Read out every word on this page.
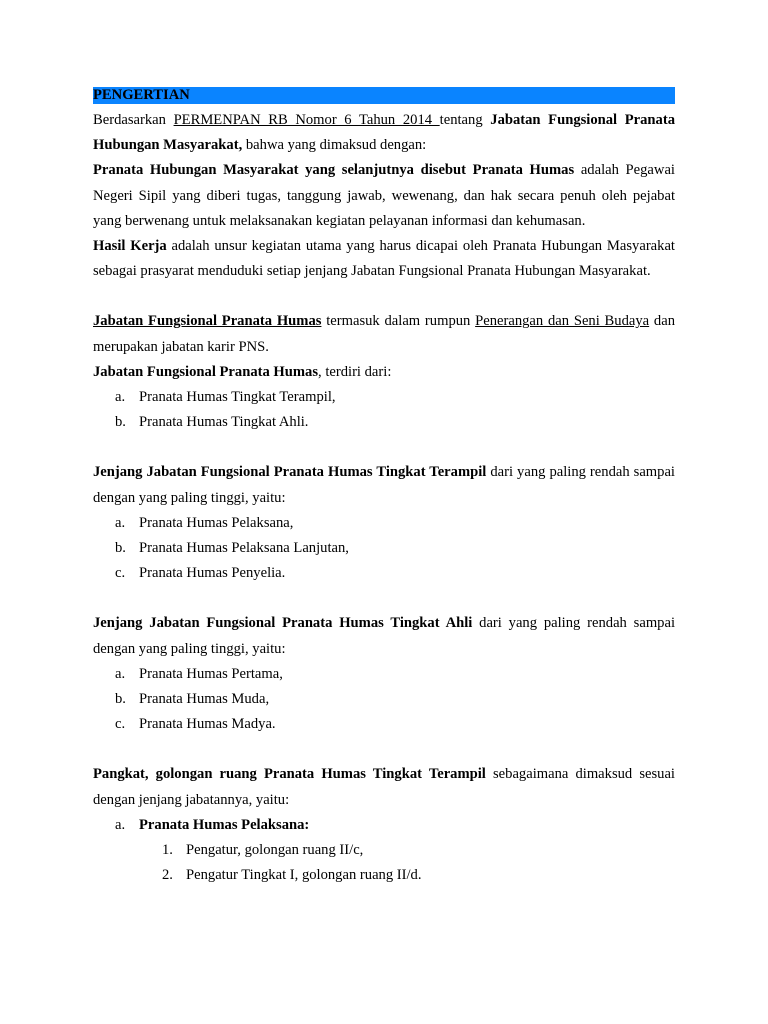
PENGERTIAN

Berdasarkan PERMENPAN RB Nomor 6 Tahun 2014 tentang Jabatan Fungsional Pranata Hubungan Masyarakat, bahwa yang dimaksud dengan:

Pranata Hubungan Masyarakat yang selanjutnya disebut Pranata Humas adalah Pegawai Negeri Sipil yang diberi tugas, tanggung jawab, wewenang, dan hak secara penuh oleh pejabat yang berwenang untuk melaksanakan kegiatan pelayanan informasi dan kehumasan.

Hasil Kerja adalah unsur kegiatan utama yang harus dicapai oleh Pranata Hubungan Masyarakat sebagai prasyarat menduduki setiap jenjang Jabatan Fungsional Pranata Hubungan Masyarakat.

Jabatan Fungsional Pranata Humas termasuk dalam rumpun Penerangan dan Seni Budaya dan merupakan jabatan karir PNS.

Jabatan Fungsional Pranata Humas, terdiri dari:

a. Pranata Humas Tingkat Terampil,
b. Pranata Humas Tingkat Ahli.

Jenjang Jabatan Fungsional Pranata Humas Tingkat Terampil dari yang paling rendah sampai dengan yang paling tinggi, yaitu:

a. Pranata Humas Pelaksana,
b. Pranata Humas Pelaksana Lanjutan,
c. Pranata Humas Penyelia.

Jenjang Jabatan Fungsional Pranata Humas Tingkat Ahli dari yang paling rendah sampai dengan yang paling tinggi, yaitu:

a. Pranata Humas Pertama,
b. Pranata Humas Muda,
c. Pranata Humas Madya.

Pangkat, golongan ruang Pranata Humas Tingkat Terampil sebagaimana dimaksud sesuai dengan jenjang jabatannya, yaitu:

a. Pranata Humas Pelaksana:
1. Pengatur, golongan ruang II/c,
2. Pengatur Tingkat I, golongan ruang II/d.
